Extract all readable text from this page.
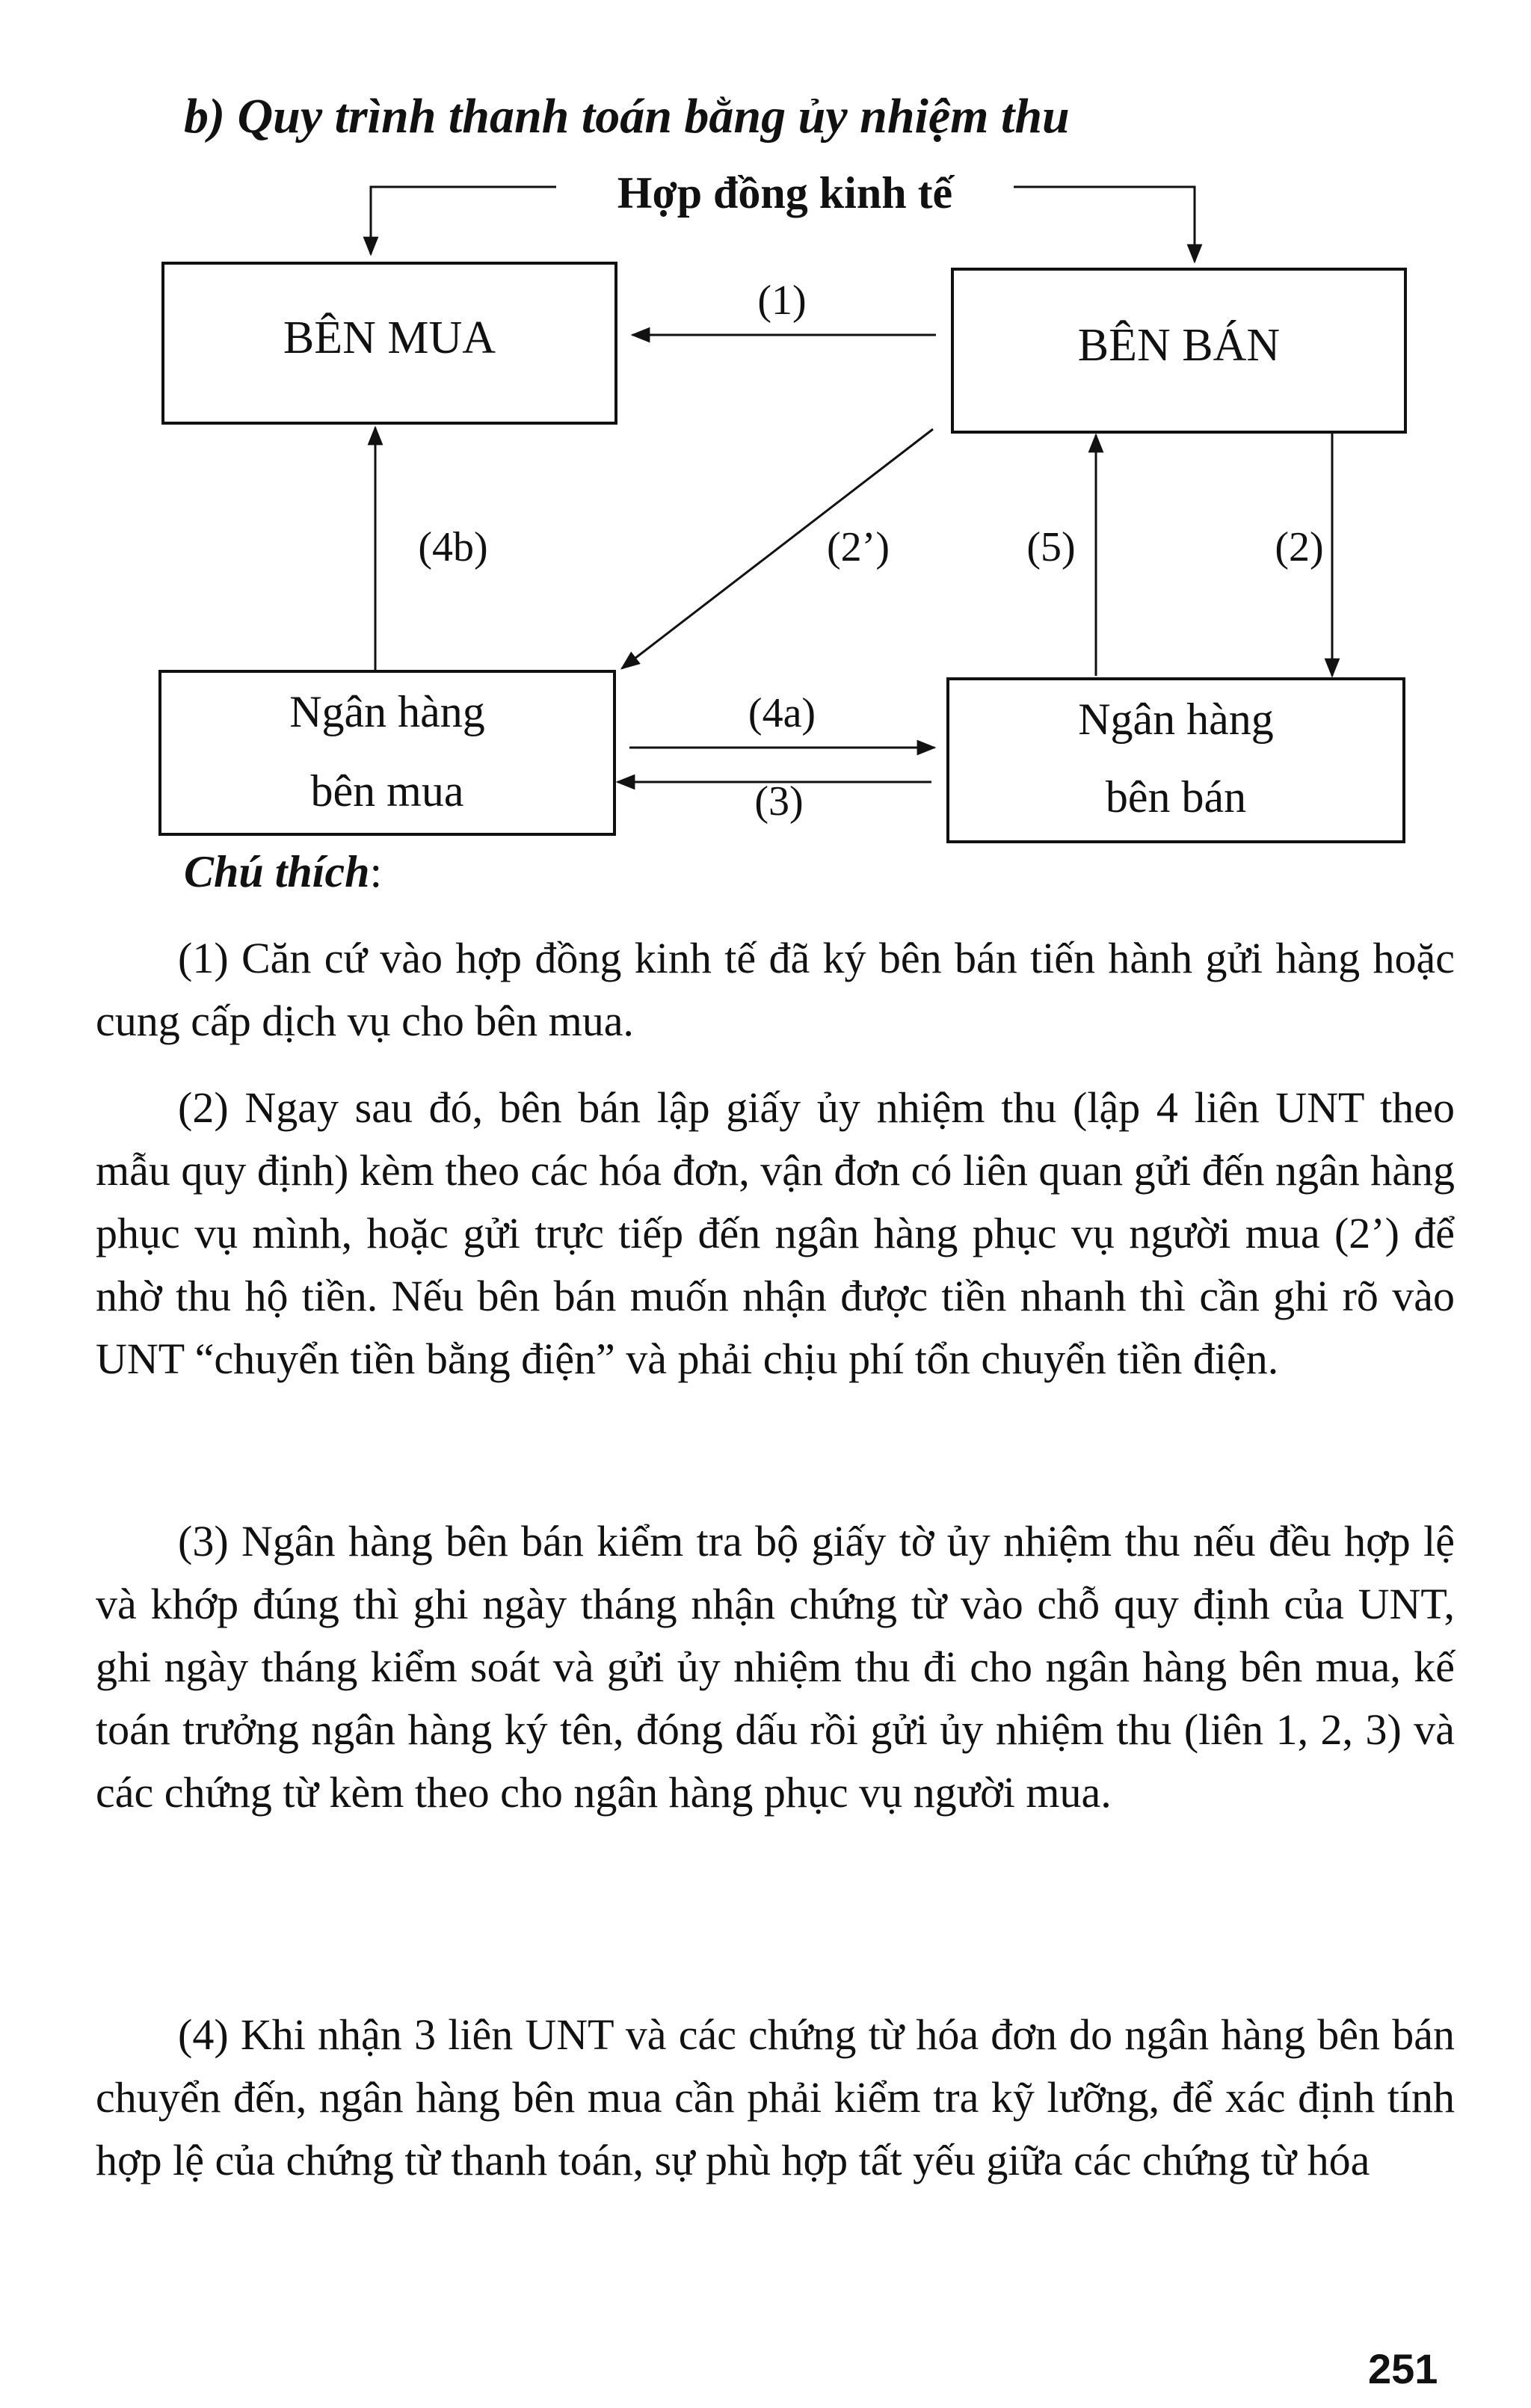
b) Quy trình thanh toán bằng ủy nhiệm thu
Hợp đồng kinh tế
BÊN MUA	BÊN BÁN
Ngân hàng
bên mua
Ngân hàng
bên bán
(1)
(4b)	(2’)	(5)	(2)
(4a)
(3)
Chú thích:

(1) Căn cứ vào hợp đồng kinh tế đã ký bên bán tiến hành gửi hàng hoặc cung cấp dịch vụ cho bên mua.

(2) Ngay sau đó, bên bán lập giấy ủy nhiệm thu (lập 4 liên UNT theo mẫu quy định) kèm theo các hóa đơn, vận đơn có liên quan gửi đến ngân hàng phục vụ mình, hoặc gửi trực tiếp đến ngân hàng phục vụ người mua (2’) để nhờ thu hộ tiền. Nếu bên bán muốn nhận được tiền nhanh thì cần ghi rõ vào UNT “chuyển tiền bằng điện” và phải chịu phí tổn chuyển tiền điện.

(3) Ngân hàng bên bán kiểm tra bộ giấy tờ ủy nhiệm thu nếu đều hợp lệ và khớp đúng thì ghi ngày tháng nhận chứng từ vào chỗ quy định của UNT, ghi ngày tháng kiểm soát và gửi ủy nhiệm thu đi cho ngân hàng bên mua, kế toán trưởng ngân hàng ký tên, đóng dấu rồi gửi ủy nhiệm thu (liên 1, 2, 3) và các chứng từ kèm theo cho ngân hàng phục vụ người mua.

(4) Khi nhận 3 liên UNT và các chứng từ hóa đơn do ngân hàng bên bán chuyển đến, ngân hàng bên mua cần phải kiểm tra kỹ lưỡng, để xác định tính hợp lệ của chứng từ thanh toán, sự phù hợp tất yếu giữa các chứng từ hóa

251
